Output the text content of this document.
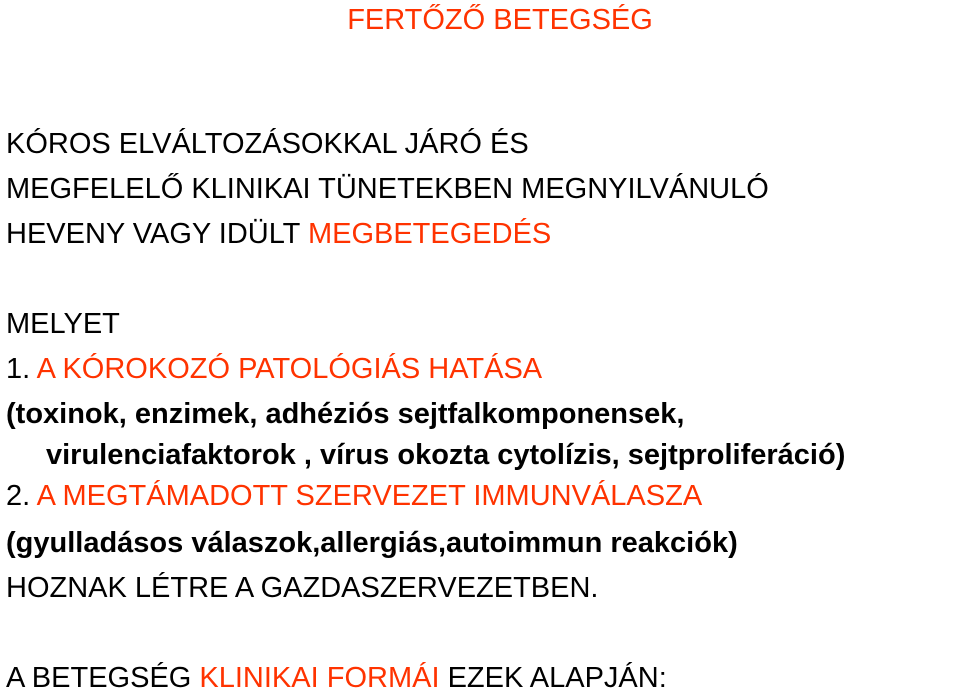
FERTŐZŐ BETEGSÉG
KÓROS ELVÁLTOZÁSOKKAL JÁRÓ ÉS
MEGFELELŐ KLINIKAI TÜNETEKBEN MEGNYILVÁNULÓ
HEVENY VAGY IDÜLT MEGBETEGEDÉS
MELYET
1. A KÓROKOZÓ PATOLÓGIÁS HATÁSA
(toxinok, enzimek, adhéziós sejtfalkomponensek,
virulenciafaktorok , vírus okozta cytolízis, sejtproliferáció)
2. A MEGTÁMADOTT SZERVEZET IMMUNVÁLASZA
(gyulladásos válaszok,allergiás,autoimmun reakciók)
HOZNAK LÉTRE A GAZDASZERVEZETBEN.
A BETEGSÉG KLINIKAI FORMÁI EZEK ALAPJÁN:
